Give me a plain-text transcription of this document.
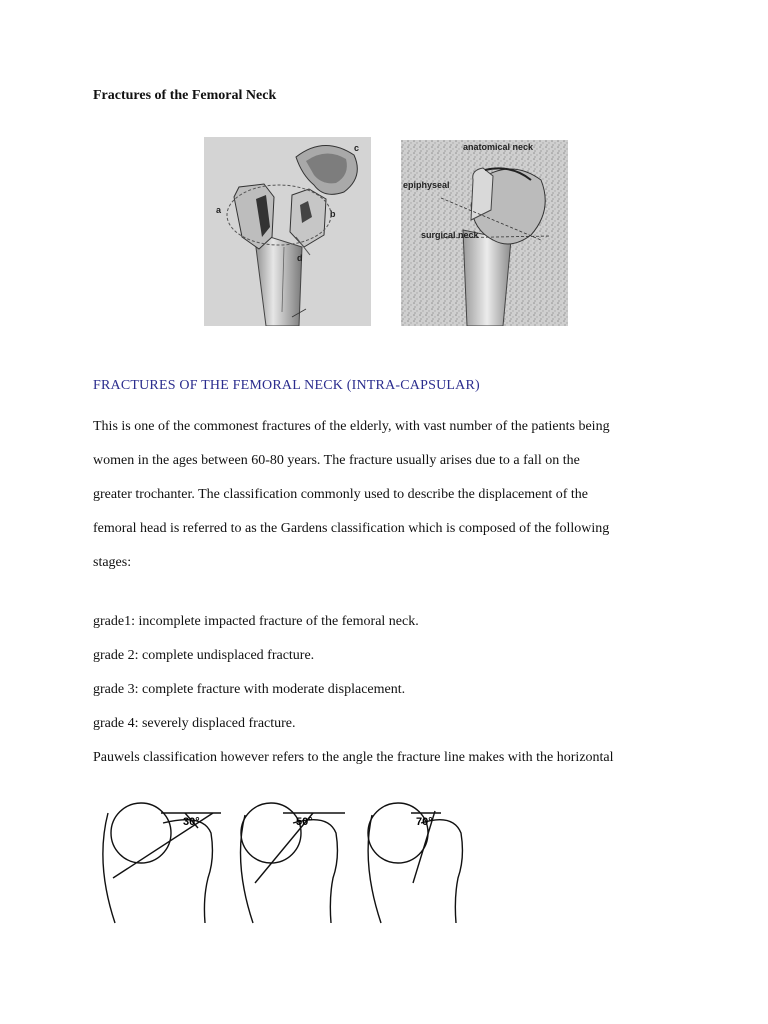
Fractures of the Femoral Neck
a	b
c
d
anatomical neck
epiphyseal
surgical neck
FRACTURES OF THE FEMORAL NECK (INTRA-CAPSULAR)
This is one of the commonest fractures of the elderly, with vast number of the patients being
women in the ages between 60-80 years. The fracture usually arises due to a fall on the
greater trochanter. The classification commonly used to describe the displacement of the
femoral head is referred to as the Gardens classification which is composed of the following
stages:
grade1: incomplete impacted fracture of the femoral neck.
grade 2: complete undisplaced fracture.
grade 3: complete fracture with moderate displacement.
grade 4: severely displaced fracture.
Pauwels classification however refers to the angle the fracture line makes with the horizontal
30°	50°	70°
